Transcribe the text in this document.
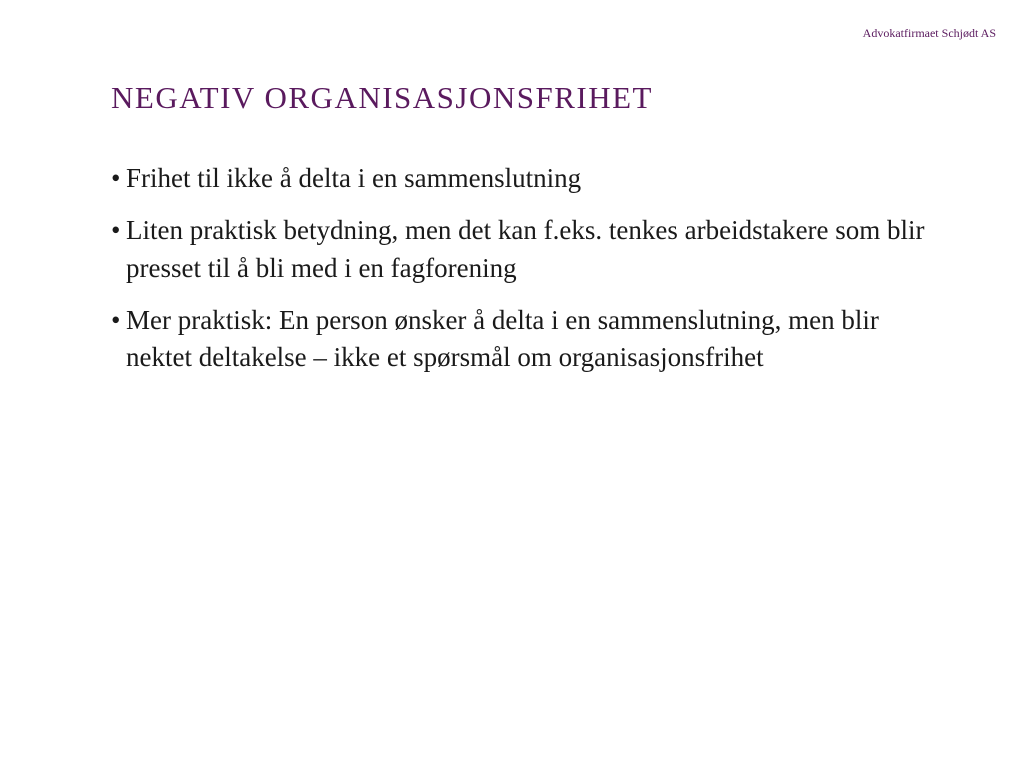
Advokatfirmaet Schjødt AS
NEGATIV ORGANISASJONSFRIHET
• Frihet til ikke å delta i en sammenslutning
• Liten praktisk betydning, men det kan f.eks. tenkes arbeidstakere som blir presset til å bli med i en fagforening
• Mer praktisk: En person ønsker å delta i en sammenslutning, men blir nektet deltakelse – ikke et spørsmål om organisasjonsfrihet
